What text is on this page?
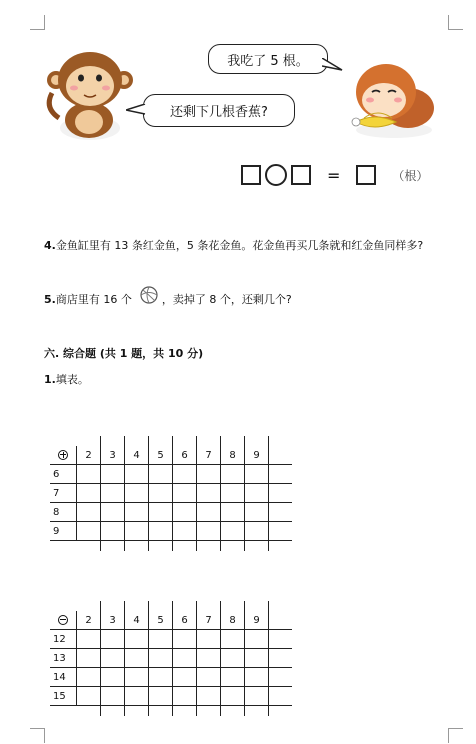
我吃了 5 根。
还剩下几根香蕉?
=	（根）
4.金鱼缸里有 13 条红金鱼，5 条花金鱼。花金鱼再买几条就和红金鱼同样多?
5. 商店里有 16 个	，卖掉了 8 个，还剩几个?
六. 综合题 (共 1 题，共 10 分)
1.填表。

	2	3	4	5	6	7	8	9	
6									
7									
8									
9									

	2	3	4	5	6	7	8	9	
12									
13									
14									
15									
